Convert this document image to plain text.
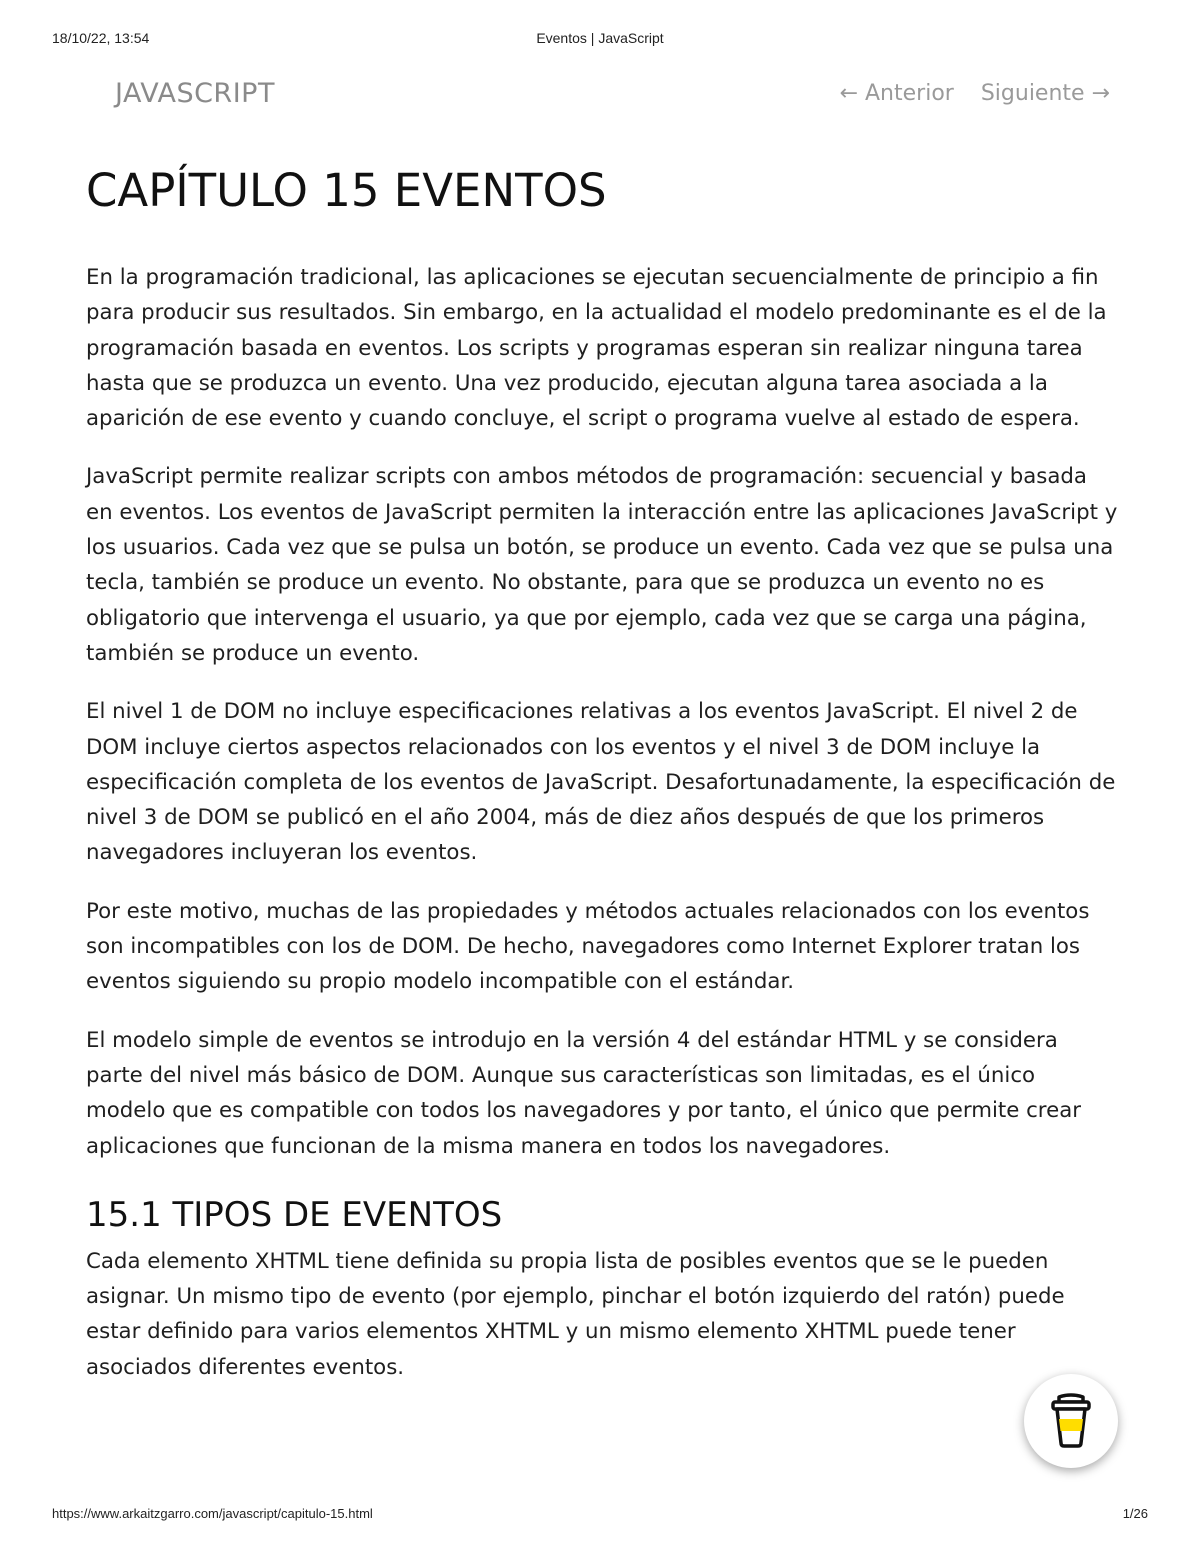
18/10/22, 13:54	Eventos | JavaScript
JAVASCRIPT	← Anterior Siguiente →
CAPÍTULO 15 EVENTOS

En la programación tradicional, las aplicaciones se ejecutan secuencialmente de principio a fin para producir sus resultados. Sin embargo, en la actualidad el modelo predominante es el de la programación basada en eventos. Los scripts y programas esperan sin realizar ninguna tarea hasta que se produzca un evento. Una vez producido, ejecutan alguna tarea asociada a la aparición de ese evento y cuando concluye, el script o programa vuelve al estado de espera.

JavaScript permite realizar scripts con ambos métodos de programación: secuencial y basada en eventos. Los eventos de JavaScript permiten la interacción entre las aplicaciones JavaScript y los usuarios. Cada vez que se pulsa un botón, se produce un evento. Cada vez que se pulsa una tecla, también se produce un evento. No obstante, para que se produzca un evento no es obligatorio que intervenga el usuario, ya que por ejemplo, cada vez que se carga una página, también se produce un evento.

El nivel 1 de DOM no incluye especificaciones relativas a los eventos JavaScript. El nivel 2 de DOM incluye ciertos aspectos relacionados con los eventos y el nivel 3 de DOM incluye la especificación completa de los eventos de JavaScript. Desafortunadamente, la especificación de nivel 3 de DOM se publicó en el año 2004, más de diez años después de que los primeros navegadores incluyeran los eventos.

Por este motivo, muchas de las propiedades y métodos actuales relacionados con los eventos son incompatibles con los de DOM. De hecho, navegadores como Internet Explorer tratan los eventos siguiendo su propio modelo incompatible con el estándar.

El modelo simple de eventos se introdujo en la versión 4 del estándar HTML y se considera parte del nivel más básico de DOM. Aunque sus características son limitadas, es el único modelo que es compatible con todos los navegadores y por tanto, el único que permite crear aplicaciones que funcionan de la misma manera en todos los navegadores.

15.1 TIPOS DE EVENTOS

Cada elemento XHTML tiene definida su propia lista de posibles eventos que se le pueden asignar. Un mismo tipo de evento (por ejemplo, pinchar el botón izquierdo del ratón) puede estar definido para varios elementos XHTML y un mismo elemento XHTML puede tener asociados diferentes eventos.

https://www.arkaitzgarro.com/javascript/capitulo-15.html	1/26
